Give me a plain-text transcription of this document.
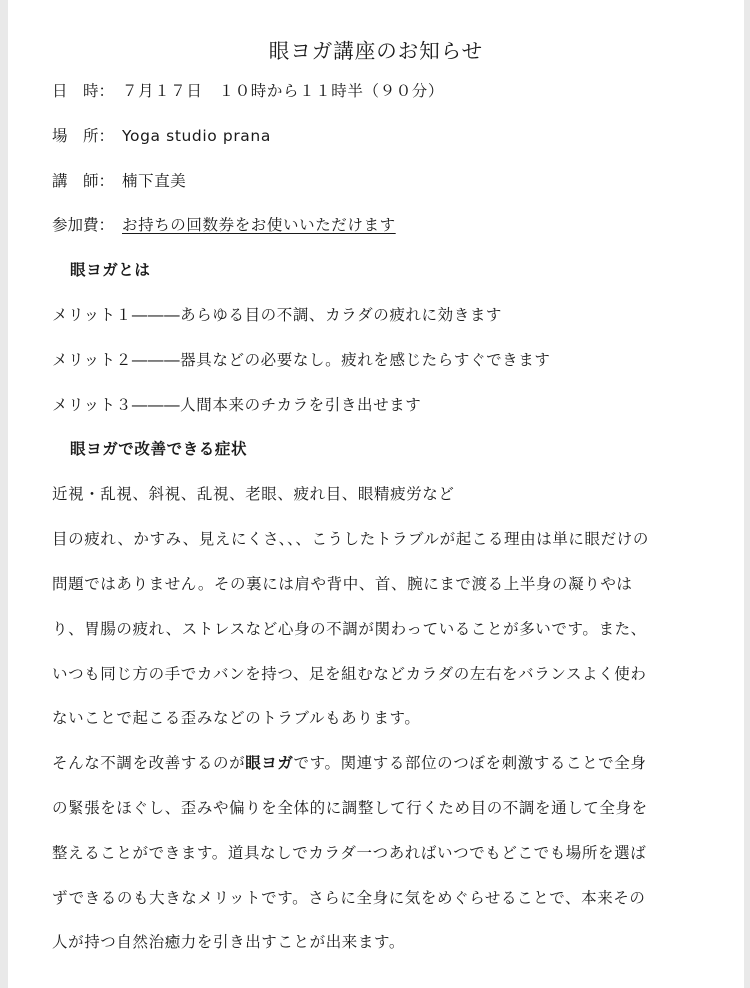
眼ヨガ講座のお知らせ
日　時： ７月１７日　１０時から１１時半（９０分）
場　所： Yoga studio prana
講　師： 楠下直美
参加費： お持ちの回数券をお使いいただけます
眼ヨガとは
メリット１―――あらゆる目の不調、カラダの疲れに効きます
メリット２―――器具などの必要なし。疲れを感じたらすぐできます
メリット３―――人間本来のチカラを引き出せます
眼ヨガで改善できる症状
近視・乱視、斜視、乱視、老眼、疲れ目、眼精疲労など
目の疲れ、かすみ、見えにくさ、、、こうしたトラブルが起こる理由は単に眼だけの
問題ではありません。その裏には肩や背中、首、腕にまで渡る上半身の凝りやは
り、胃腸の疲れ、ストレスなど心身の不調が関わっていることが多いです。また、
いつも同じ方の手でカバンを持つ、足を組むなどカラダの左右をバランスよく使わ
ないことで起こる歪みなどのトラブルもあります。
そんな不調を改善するのが眼ヨガです。関連する部位のつぼを刺激することで全身
の緊張をほぐし、歪みや偏りを全体的に調整して行くため目の不調を通して全身を
整えることができます。道具なしでカラダ一つあればいつでもどこでも場所を選ば
ずできるのも大きなメリットです。さらに全身に気をめぐらせることで、本来その
人が持つ自然治癒力を引き出すことが出来ます。
